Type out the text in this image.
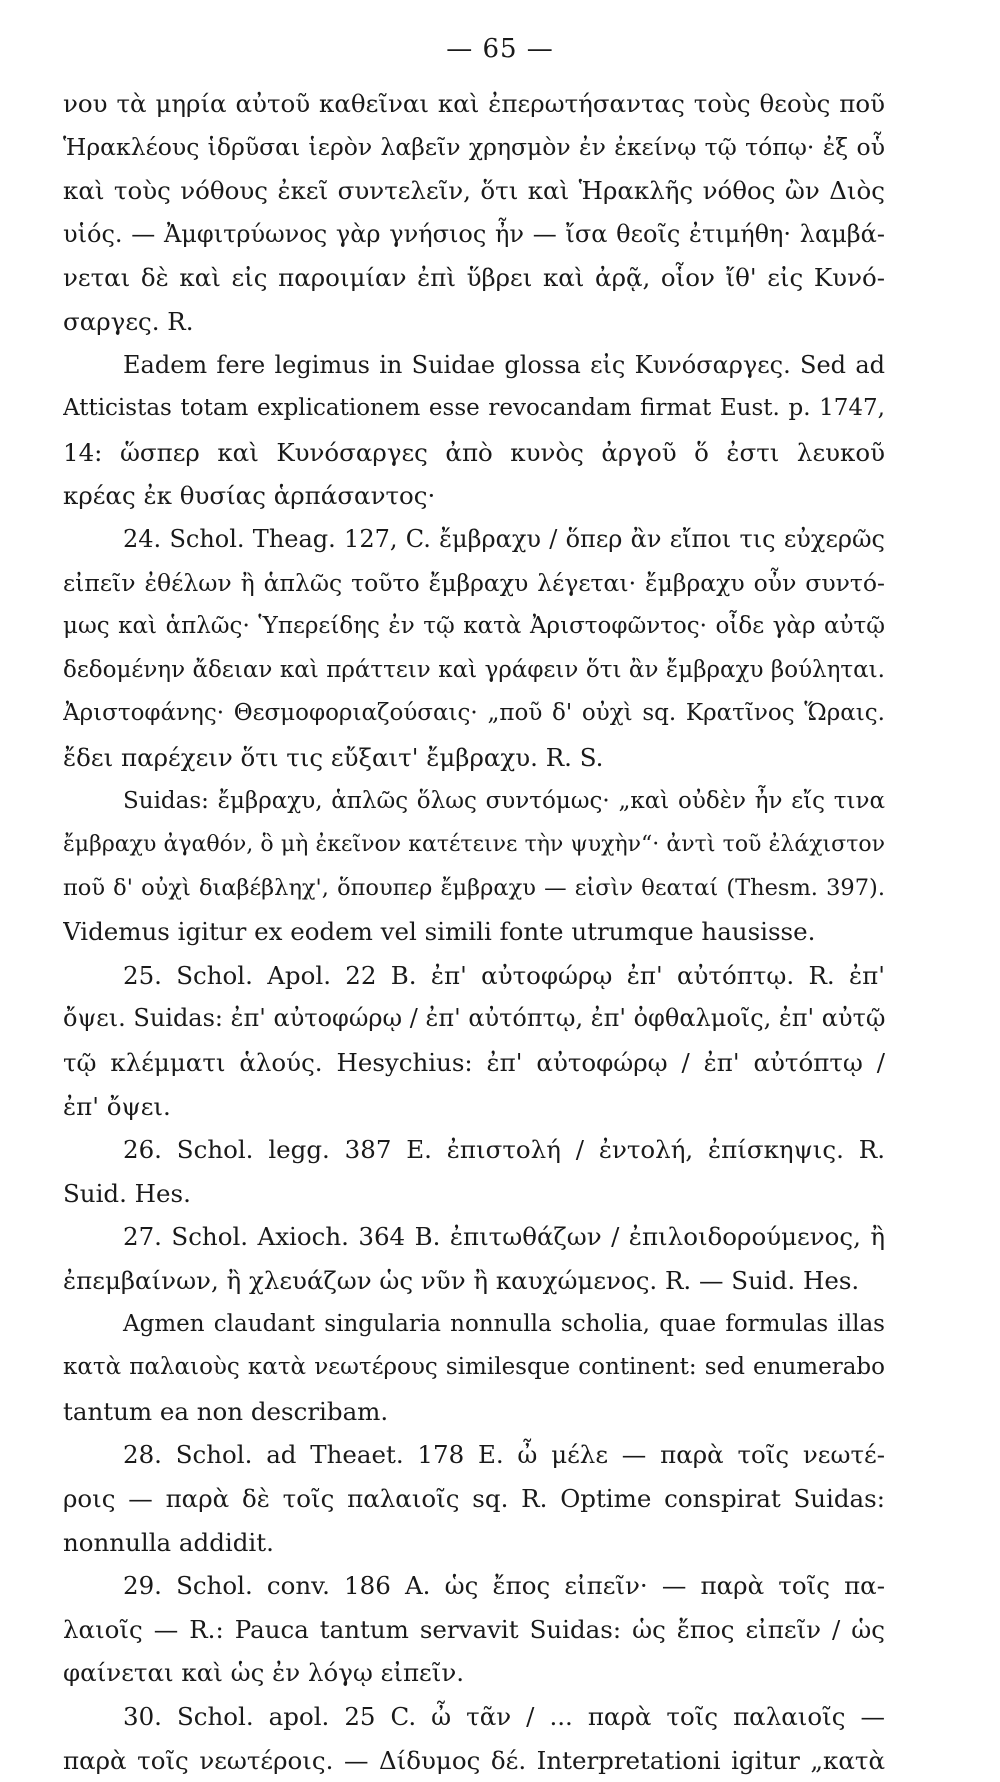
— 65 —
νου τὰ μηρία αὐτοῦ καθεῖναι καὶ ἐπερωτήσαντας τοὺς θεοὺς ποῦ
Ἡρακλέους ἱδρῦσαι ἱερὸν λαβεῖν χρησμὸν ἐν ἐκείνῳ τῷ τόπῳ· ἐξ οὗ
καὶ τοὺς νόθους ἐκεῖ συντελεῖν, ὅτι καὶ Ἡρακλῆς νόθος ὢν Διὸς
υἱός. — Ἀμφιτρύωνος γὰρ γνήσιος ἦν — ἴσα θεοῖς ἐτιμήθη· λαμβά-
νεται δὲ καὶ εἰς παροιμίαν ἐπὶ ὕβρει καὶ ἀρᾷ, οἷον ἴθ' εἰς Κυνό-
σαργες. R.
Eadem fere legimus in Suidae glossa εἰς Κυνόσαργες. Sed ad
Atticistas totam explicationem esse revocandam firmat Eust. p. 1747,
14: ὥσπερ καὶ Κυνόσαργες ἀπὸ κυνὸς ἀργοῦ ὅ ἐστι λευκοῦ
κρέας ἐκ θυσίας ἁρπάσαντος·
24. Schol. Theag. 127, C. ἔμβραχυ / ὅπερ ἂν εἴποι τις εὐχερῶς
εἰπεῖν ἐθέλων ἢ ἁπλῶς τοῦτο ἔμβραχυ λέγεται· ἔμβραχυ οὖν συντό-
μως καὶ ἁπλῶς· Ὑπερείδης ἐν τῷ κατὰ Ἀριστοφῶντος· οἶδε γὰρ αὐτῷ
δεδομένην ἄδειαν καὶ πράττειν καὶ γράφειν ὅτι ἂν ἔμβραχυ βούληται.
Ἀριστοφάνης· Θεσμοφοριαζούσαις· „ποῦ δ' οὐχὶ sq. Κρατῖνος Ὥραις.
ἔδει παρέχειν ὅτι τις εὔξαιτ' ἔμβραχυ. R. S.
Suidas: ἔμβραχυ, ἁπλῶς ὅλως συντόμως· „καὶ οὐδὲν ἦν εἴς τινα
ἔμβραχυ ἀγαθόν, ὃ μὴ ἐκεῖνον κατέτεινε τὴν ψυχὴν“· ἀντὶ τοῦ ἐλάχιστον
ποῦ δ' οὐχὶ διαβέβληχ', ὅπουπερ ἔμβραχυ — εἰσὶν θεαταί (Thesm. 397).
Videmus igitur ex eodem vel simili fonte utrumque hausisse.
25. Schol. Apol. 22 B. ἐπ' αὐτοφώρῳ ἐπ' αὐτόπτῳ. R. ἐπ'
ὄψει. Suidas: ἐπ' αὐτοφώρῳ / ἐπ' αὐτόπτῳ, ἐπ' ὀφθαλμοῖς, ἐπ' αὐτῷ
τῷ κλέμματι ἁλούς. Hesychius: ἐπ' αὐτοφώρῳ / ἐπ' αὐτόπτῳ /
ἐπ' ὄψει.
26. Schol. legg. 387 E. ἐπιστολή / ἐντολή, ἐπίσκηψις. R.
Suid. Hes.
27. Schol. Axioch. 364 B. ἐπιτωθάζων / ἐπιλοιδορούμενος, ἢ
ἐπεμβαίνων, ἢ χλευάζων ὡς νῦν ἢ καυχώμενος. R. — Suid. Hes.
Agmen claudant singularia nonnulla scholia, quae formulas illas
κατὰ παλαιοὺς κατὰ νεωτέρους similesque continent: sed enumerabo
tantum ea non describam.
28. Schol. ad Theaet. 178 E. ὦ μέλε — παρὰ τοῖς νεωτέ-
ροις — παρὰ δὲ τοῖς παλαιοῖς sq. R. Optime conspirat Suidas:
nonnulla addidit.
29. Schol. conv. 186 A. ὡς ἔπος εἰπεῖν· — παρὰ τοῖς πα-
λαιοῖς — R.: Pauca tantum servavit Suidas: ὡς ἔπος εἰπεῖν / ὡς
φαίνεται καὶ ὡς ἐν λόγῳ εἰπεῖν.
30. Schol. apol. 25 C. ὦ τᾶν / ... παρὰ τοῖς παλαιοῖς —
παρὰ τοῖς νεωτέροις. — Δίδυμος δέ. Interpretationi igitur „κατὰ
